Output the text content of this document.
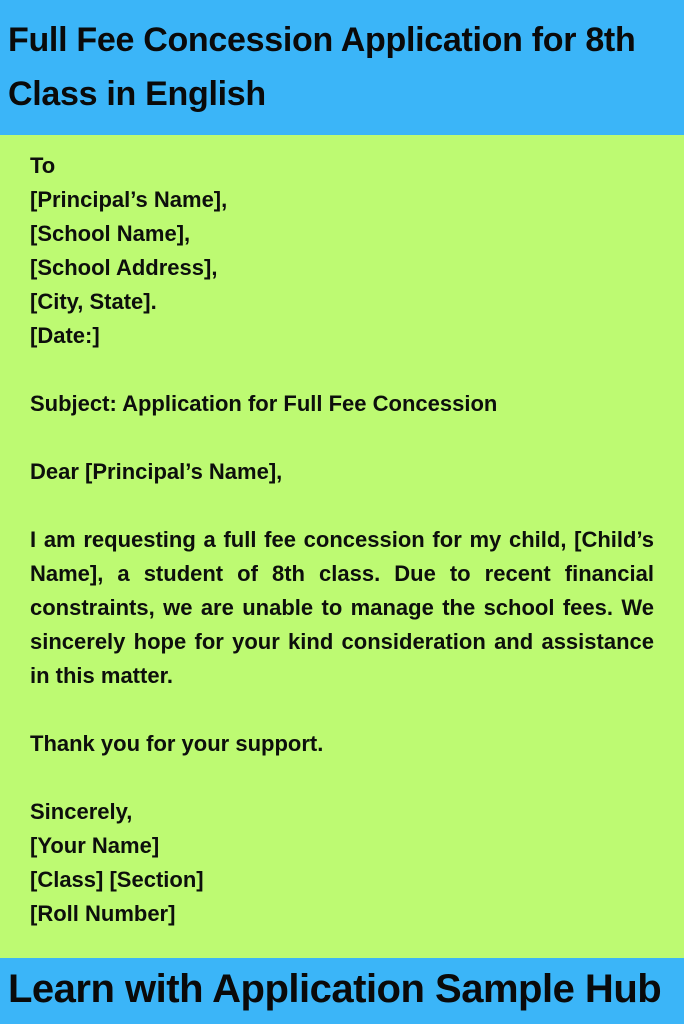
Full Fee Concession Application for 8th Class in English
To
[Principal’s Name],
[School Name],
[School Address],
[City, State].
[Date:]
Subject: Application for Full Fee Concession
Dear [Principal’s Name],
I am requesting a full fee concession for my child, [Child’s Name], a student of 8th class. Due to recent financial constraints, we are unable to manage the school fees. We sincerely hope for your kind consideration and assistance in this matter.
Thank you for your support.
Sincerely,
[Your Name]
[Class] [Section]
[Roll Number]
Learn with Application Sample Hub
